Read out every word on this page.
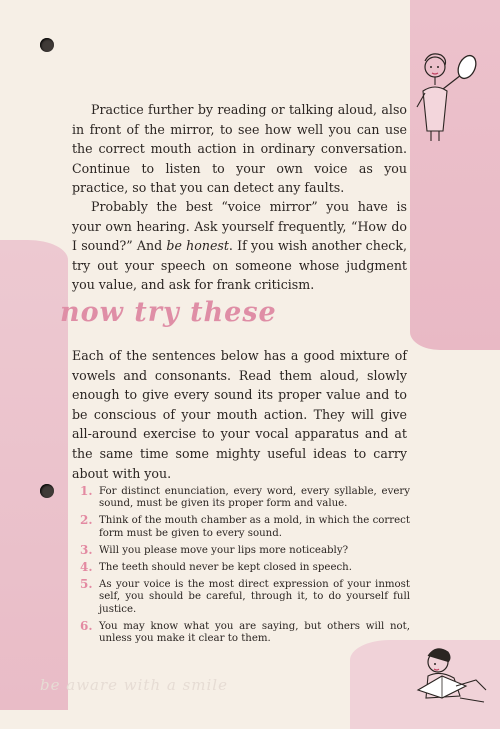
Practice further by reading or talking aloud, also in front of the mirror, to see how well you can use the correct mouth action in ordinary conversation. Continue to listen to your own voice as you practice, so that you can detect any faults.

Probably the best “voice mirror” you have is your own hearing. Ask yourself frequently, “How do I sound?” And be honest. If you wish another check, try out your speech on someone whose judgment you value, and ask for frank criticism.

now try these

Each of the sentences below has a good mixture of vowels and consonants. Read them aloud, slowly enough to give every sound its proper value and to be conscious of your mouth action. They will give all-around exercise to your vocal apparatus and at the same time some mighty useful ideas to carry about with you.

1. For distinct enunciation, every word, every syllable, every sound, must be given its proper form and value.
2. Think of the mouth chamber as a mold, in which the correct form must be given to every sound.
3. Will you please move your lips more noticeably?
4. The teeth should never be kept closed in speech.
5. As your voice is the most direct expression of your inmost self, you should be careful, through it, to do yourself full justice.
6. You may know what you are saying, but others will not, unless you make it clear to them.

be aware with a smile
